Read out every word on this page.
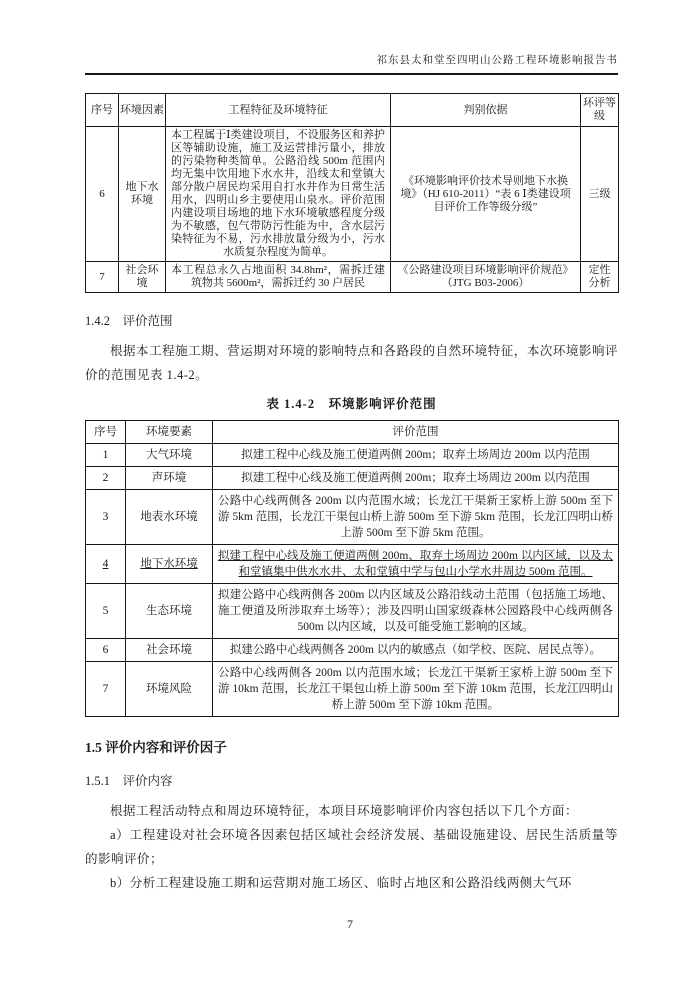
祁东县太和堂至四明山公路工程环境影响报告书
序号	环境因素	工程特征及环境特征	判别依据	环评等级
6	地下水环境	本工程属于Ⅰ类建设项目，不设服务区和养护区等辅助设施，施工及运营排污量小，排放的污染物种类简单。公路沿线 500m 范围内均无集中饮用地下水水井，沿线太和堂镇大部分散户居民均采用自打水井作为日常生活用水，四明山乡主要使用山泉水。评价范围内建设项目场地的地下水环境敏感程度分级为不敏感，包气带防污性能为中，含水层污染特征为不易，污水排放量分级为小，污水水质复杂程度为简单。	《环境影响评价技术导则地下水换境》（HJ 610-2011）“表 6 Ⅰ类建设项目评价工作等级分级”	三级
7	社会环境	本工程总永久占地面积 34.8hm²，需拆迁建筑物共 5600m²，需拆迁约 30 户居民	《公路建设项目环境影响评价规范》（JTG B03-2006）	定性分析
1.4.2　评价范围

根据本工程施工期、营运期对环境的影响特点和各路段的自然环境特征，本次环境影响评价的范围见表 1.4-2。

表 1.4-2　环境影响评价范围
序号	环境要素	评价范围
1	大气环境	拟建工程中心线及施工便道两侧 200m；取弃土场周边 200m 以内范围
2	声环境	拟建工程中心线及施工便道两侧 200m；取弃土场周边 200m 以内范围
3	地表水环境	公路中心线两侧各 200m 以内范围水域；长龙江干渠新王家桥上游 500m 至下游 5km 范围，长龙江干渠包山桥上游 500m 至下游 5km 范围，长龙江四明山桥上游 500m 至下游 5km 范围。
4	地下水环境	拟建工程中心线及施工便道两侧 200m、取弃土场周边 200m 以内区域，以及太和堂镇集中供水水井、太和堂镇中学与包山小学水井周边 500m 范围。
5	生态环境	拟建公路中心线两侧各 200m 以内区域及公路沿线动土范围（包括施工场地、施工便道及所涉取弃土场等）；涉及四明山国家级森林公园路段中心线两侧各 500m 以内区域，以及可能受施工影响的区域。
6	社会环境	拟建公路中心线两侧各 200m 以内的敏感点（如学校、医院、居民点等）。
7	环境风险	公路中心线两侧各 200m 以内范围水域；长龙江干渠新王家桥上游 500m 至下游 10km 范围，长龙江干渠包山桥上游 500m 至下游 10km 范围，长龙江四明山桥上游 500m 至下游 10km 范围。
1.5 评价内容和评价因子
1.5.1　评价内容

根据工程活动特点和周边环境特征，本项目环境影响评价内容包括以下几个方面：

a）工程建设对社会环境各因素包括区域社会经济发展、基础设施建设、居民生活质量等的影响评价；

b）分析工程建设施工期和运营期对施工场区、临时占地区和公路沿线两侧大气环

7
